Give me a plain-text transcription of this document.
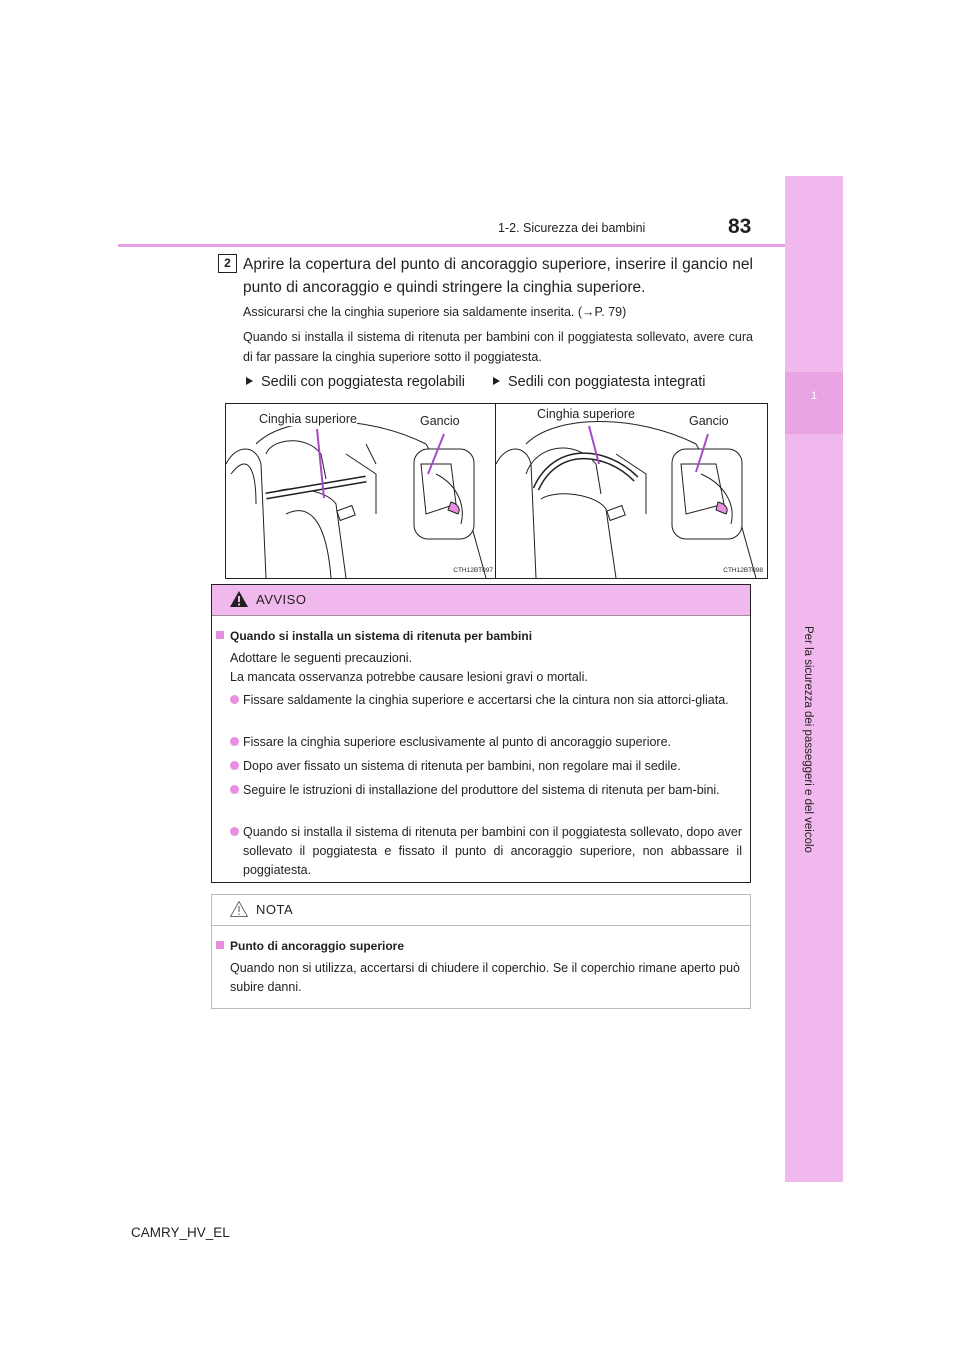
1
Per la sicurezza dei passeggeri e del veicolo
1-2. Sicurezza dei bambini	83
2 Aprire la copertura del punto di ancoraggio superiore, inserire il gancio nel punto di ancoraggio e quindi stringere la cinghia superiore.
Assicurarsi che la cinghia superiore sia saldamente inserita. (→P. 79)
Quando si installa il sistema di ritenuta per bambini con il poggiatesta sollevato, avere cura di far passare la cinghia superiore sotto il poggiatesta.
Sedili con poggiatesta regolabili	Sedili con poggiatesta integrati
Cinghia superiore	Gancio
CTH12BT097
Cinghia superiore	Gancio
CTH12BT098
AVVISO
Quando si installa un sistema di ritenuta per bambini
Adottare le seguenti precauzioni.
La mancata osservanza potrebbe causare lesioni gravi o mortali.
Fissare saldamente la cinghia superiore e accertarsi che la cintura non sia attorci-gliata.
Fissare la cinghia superiore esclusivamente al punto di ancoraggio superiore.
Dopo aver fissato un sistema di ritenuta per bambini, non regolare mai il sedile.
Seguire le istruzioni di installazione del produttore del sistema di ritenuta per bam-bini.
Quando si installa il sistema di ritenuta per bambini con il poggiatesta sollevato, dopo aver sollevato il poggiatesta e fissato il punto di ancoraggio superiore, non abbassare il poggiatesta.
NOTA
Punto di ancoraggio superiore
Quando non si utilizza, accertarsi di chiudere il coperchio. Se il coperchio rimane aperto può subire danni.
CAMRY_HV_EL
